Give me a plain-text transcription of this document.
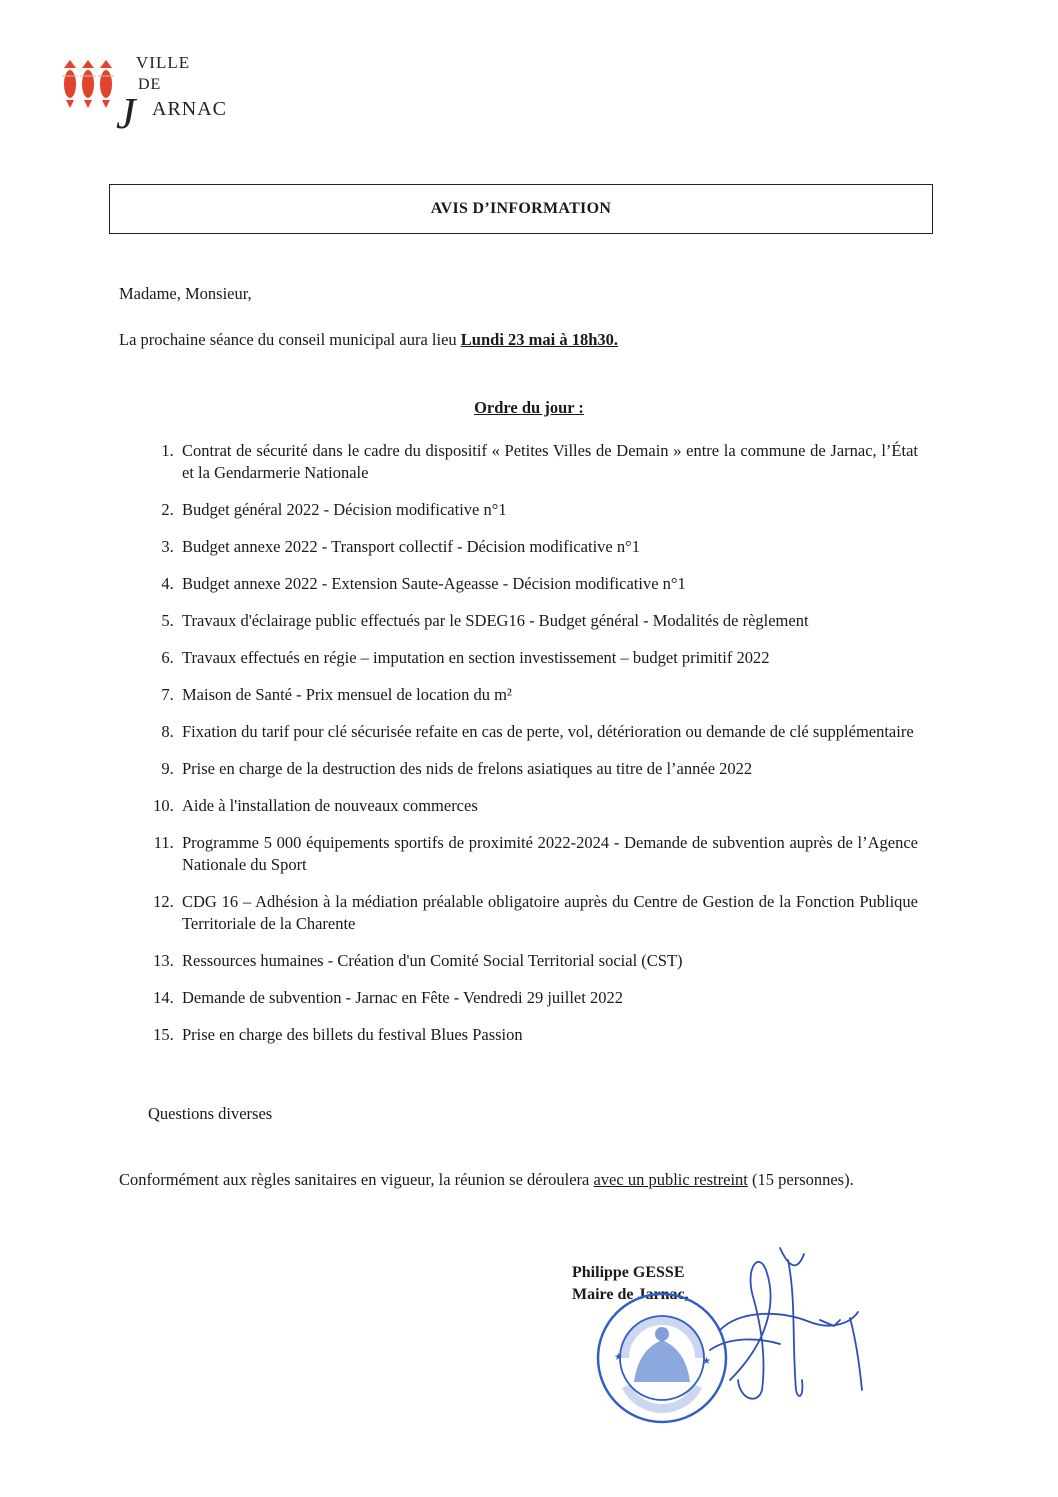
VILLE
DE
J ARNAC
AVIS D’INFORMATION
Madame, Monsieur,
La prochaine séance du conseil municipal aura lieu Lundi 23 mai à 18h30.
Ordre du jour :
1. Contrat de sécurité dans le cadre du dispositif « Petites Villes de Demain » entre la commune de Jarnac, l’État et la Gendarmerie Nationale
2. Budget général 2022 - Décision modificative n°1
3. Budget annexe 2022 - Transport collectif - Décision modificative n°1
4. Budget annexe 2022 - Extension Saute-Ageasse - Décision modificative n°1
5. Travaux d'éclairage public effectués par le SDEG16 - Budget général - Modalités de règlement
6. Travaux effectués en régie – imputation en section investissement – budget primitif 2022
7. Maison de Santé - Prix mensuel de location du m²
8. Fixation du tarif pour clé sécurisée refaite en cas de perte, vol, détérioration ou demande de clé supplémentaire
9. Prise en charge de la destruction des nids de frelons asiatiques au titre de l’année 2022
10. Aide à l'installation de nouveaux commerces
11. Programme 5 000 équipements sportifs de proximité 2022-2024 - Demande de subvention auprès de l’Agence Nationale du Sport
12. CDG 16 – Adhésion à la médiation préalable obligatoire auprès du Centre de Gestion de la Fonction Publique Territoriale de la Charente
13. Ressources humaines - Création d'un Comité Social Territorial social (CST)
14. Demande de subvention - Jarnac en Fête - Vendredi 29 juillet 2022
15. Prise en charge des billets du festival Blues Passion
Questions diverses
Conformément aux règles sanitaires en vigueur, la réunion se déroulera avec un public restreint (15 personnes).
Philippe GESSE
Maire de Jarnac,
★	★
